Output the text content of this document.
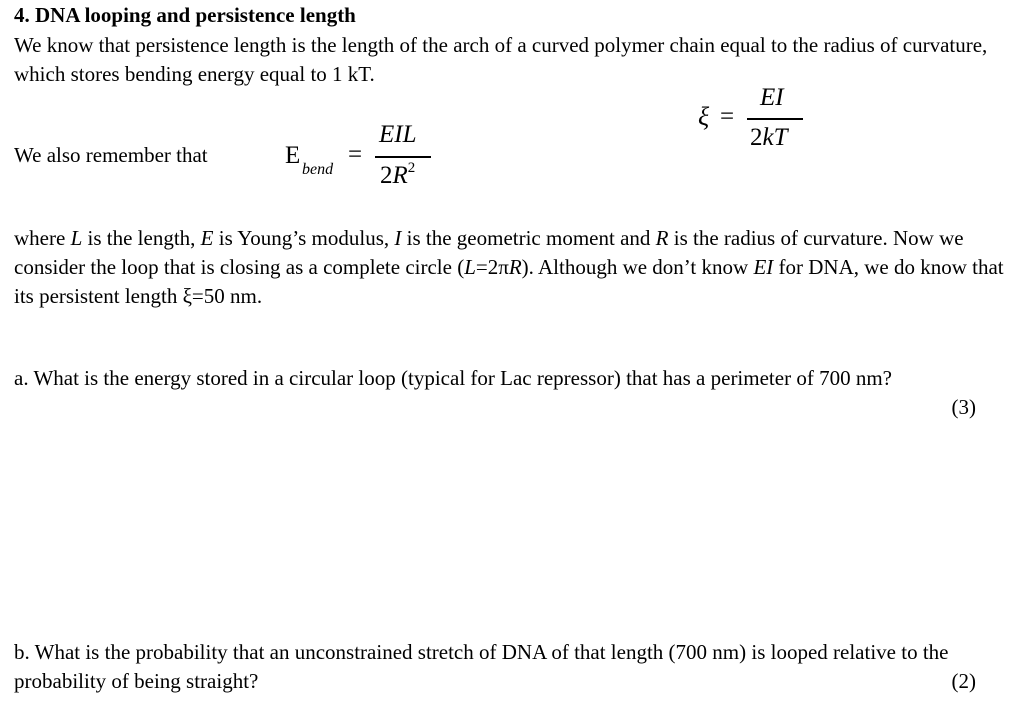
4. DNA looping and persistence length
We know that persistence length is the length of the arch of a curved polymer chain equal to the radius of curvature, which stores bending energy equal to 1 kT.
ξ =
EI
2kT
We also remember that	E
bend
=
EIL
$2R^2$
where L is the length, E is Young’s modulus, I is the geometric moment and R is the radius of curvature. Now we consider the loop that is closing as a complete circle (L=2πR). Although we don’t know EI for DNA, we do know that its persistent length ξ=50 nm.
a. What is the energy stored in a circular loop (typical for Lac repressor) that has a perimeter of 700 nm?
(3)
b. What is the probability that an unconstrained stretch of DNA of that length (700 nm) is looped relative to the probability of being straight?	(2)
